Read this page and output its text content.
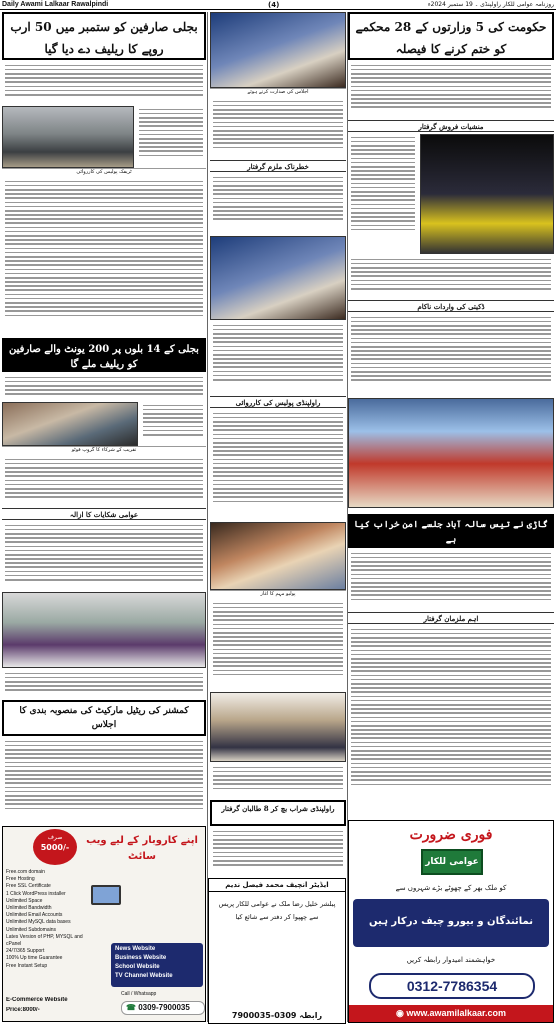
Daily Awami Lalkaar Rawalpindi	(4)	روزنامہ عوامی للکار راولپنڈی ۔ 19 ستمبر 2024ء
بجلی صارفین کو ستمبر میں 50 ارب روپے کا ریلیف دے دیا گیا
ٹریفک پولیس کی کارروائی
بجلی کے 14 بلوں پر 200 یونٹ والے صارفین کو ریلیف ملے گا
تقریب کے شرکاء کا گروپ فوٹو
عوامی شکایات کا ازالہ
کمشنر کی ریٹیل مارکیٹ کی منصوبہ بندی کا اجلاس
صرف
5000/-
اپنے کاروبار کے لیے ویب سائٹ
Free.com domain
Free Hosting
Free SSL Certificate
1 Click WordPress installer
Unlimited Space
Unlimited Bandwidth
Unlimited Email Accounts
Unlimited MySQL data bases
Unlimited Subdomains
Lates Version of PHP, MYSQL and cPanel
24/7/365 Support
100% Up time Guarantee
Free Instant Setup
News Website
Business Website
School Website
TV Channel Website
E-Commerce Website
Price:8000/-
Call / Whatsapp
☎ 0309-7900035
اجلاس کی صدارت کرتے ہوئے
خطرناک ملزم گرفتار
راولپنڈی پولیس کی کارروائی
پولیو مہم کا آغاز
راولپنڈی شراب بچ کر 8 طالبان گرفتار
ایڈیٹر انچیف محمد فیصل ندیم
پبلشر خلیل رضا ملک نے عوامی للکار پریس سے چھپوا کر دفتر سے شائع کیا
رابطہ 0309-7900035
حکومت کی 5 وزارتوں کے 28 محکمے کو ختم کرنے کا فیصلہ
منشیات فروش گرفتار
ڈکیتی کی واردات ناکام
گاڑی نے تیس سالہ آباد جلسے امن خراب کیا ہے
اہم ملزمان گرفتار
فوری ضرورت
عوامی للکار
کو ملک بھر کے چھوٹے بڑے شہروں سے
نمائندگان و بیورو چیف درکار ہیں
خواہشمند امیدوار رابطہ کریں
0312-7786354
◉ www.awamilalkaar.com
